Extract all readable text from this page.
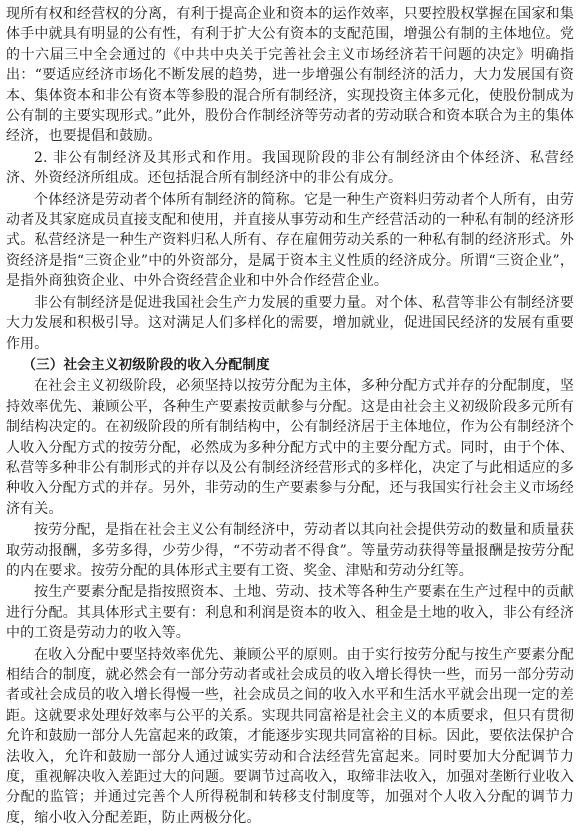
现所有权和经营权的分离，有利于提高企业和资本的运作效率，只要控股权掌握在国家和集体手中就具有明显的公有性，有利于扩大公有资本的支配范围，增强公有制的主体地位。党的十六届三中全会通过的《中共中央关于完善社会主义市场经济若干问题的决定》明确指出：“要适应经济市场化不断发展的趋势，进一步增强公有制经济的活力，大力发展国有资本、集体资本和非公有资本等参股的混合所有制经济，实现投资主体多元化，使股份制成为公有制的主要实现形式。”此外，股份合作制经济等劳动者的劳动联合和资本联合为主的集体经济，也要提倡和鼓励。

2. 非公有制经济及其形式和作用。我国现阶段的非公有制经济由个体经济、私营经济、外资经济所组成。还包括混合所有制经济中的非公有成分。

个体经济是劳动者个体所有制经济的简称。它是一种生产资料归劳动者个人所有，由劳动者及其家庭成员直接支配和使用，并直接从事劳动和生产经营活动的一种私有制的经济形式。私营经济是一种生产资料归私人所有、存在雇佣劳动关系的一种私有制的经济形式。外资经济是指“三资企业”中的外资部分，是属于资本主义性质的经济成分。所谓“三资企业”，是指外商独资企业、中外合资经营企业和中外合作经营企业。

非公有制经济是促进我国社会生产力发展的重要力量。对个体、私营等非公有制经济要大力发展和积极引导。这对满足人们多样化的需要，增加就业，促进国民经济的发展有重要作用。

（三）社会主义初级阶段的收入分配制度

在社会主义初级阶段，必须坚持以按劳分配为主体，多种分配方式并存的分配制度，坚持效率优先、兼顾公平，各种生产要素按贡献参与分配。这是由社会主义初级阶段多元所有制结构决定的。在初级阶段的所有制结构中，公有制经济居于主体地位，作为公有制经济个人收入分配方式的按劳分配，必然成为多种分配方式中的主要分配方式。同时，由于个体、私营等多种非公有制形式的并存以及公有制经济经营形式的多样化，决定了与此相适应的多种收入分配方式的并存。另外，非劳动的生产要素参与分配，还与我国实行社会主义市场经济有关。

按劳分配，是指在社会主义公有制经济中，劳动者以其向社会提供劳动的数量和质量获取劳动报酬，多劳多得，少劳少得，“不劳动者不得食”。等量劳动获得等量报酬是按劳分配的内在要求。按劳分配的具体形式主要有工资、奖金、津贴和劳动分红等。

按生产要素分配是指按照资本、土地、劳动、技术等各种生产要素在生产过程中的贡献进行分配。其具体形式主要有：利息和利润是资本的收入、租金是土地的收入，非公有经济中的工资是劳动力的收入等。

在收入分配中要坚持效率优先、兼顾公平的原则。由于实行按劳分配与按生产要素分配相结合的制度，就必然会有一部分劳动者或社会成员的收入增长得快一些，而另一部分劳动者或社会成员的收入增长得慢一些，社会成员之间的收入水平和生活水平就会出现一定的差距。这就要求处理好效率与公平的关系。实现共同富裕是社会主义的本质要求，但只有贯彻允许和鼓励一部分人先富起来的政策，才能逐步实现共同富裕的目标。因此，要依法保护合法收入，允许和鼓励一部分人通过诚实劳动和合法经营先富起来。同时要加大分配调节力度，重视解决收入差距过大的问题。要调节过高收入，取缔非法收入，加强对垄断行业收入分配的监管；并通过完善个人所得税制和转移支付制度等，加强对个人收入分配的调节力度，缩小收入分配差距，防止两极分化。
